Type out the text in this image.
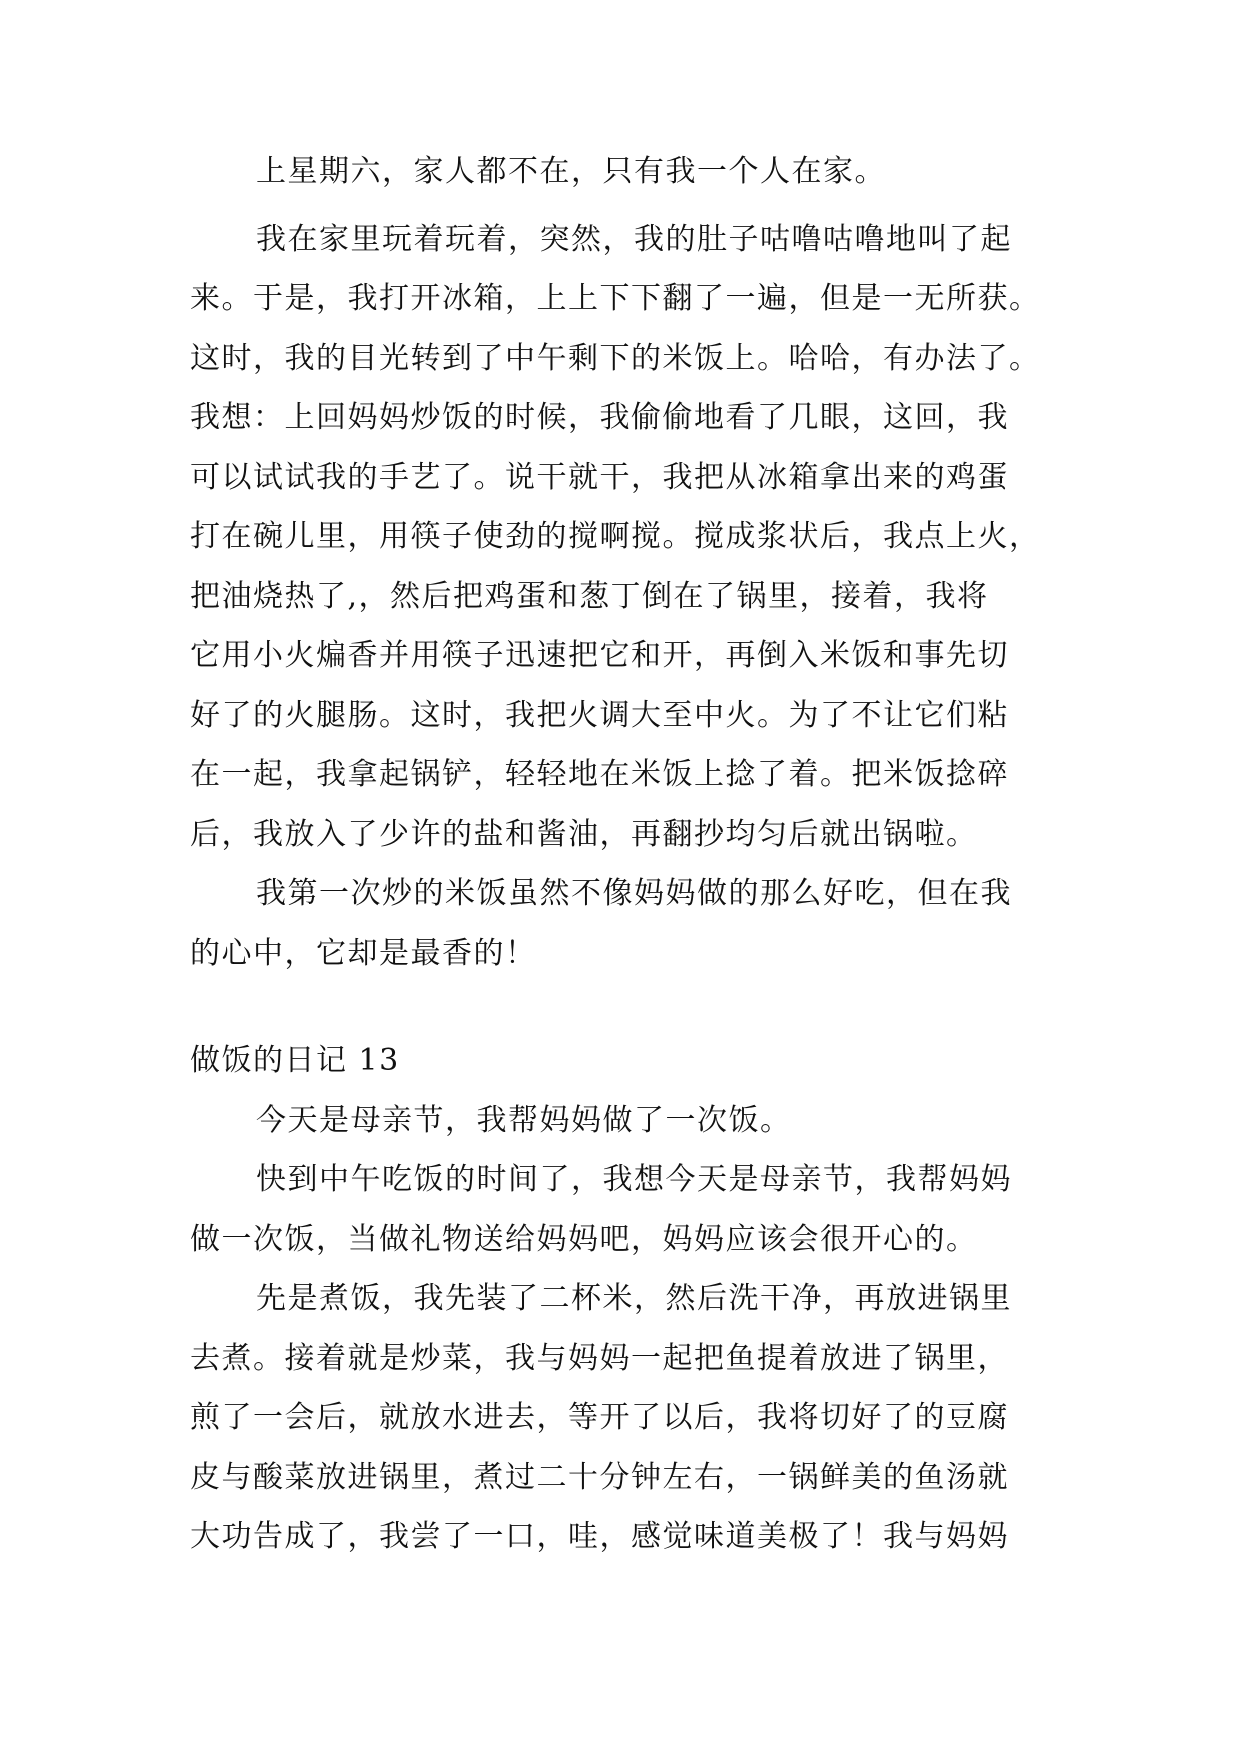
上星期六，家人都不在，只有我一个人在家。
我在家里玩着玩着，突然，我的肚子咕噜咕噜地叫了起
来。于是，我打开冰箱，上上下下翻了一遍，但是一无所获。
这时，我的目光转到了中午剩下的米饭上。哈哈，有办法了。
我想：上回妈妈炒饭的时候，我偷偷地看了几眼，这回，我
可以试试我的手艺了。说干就干，我把从冰箱拿出来的鸡蛋
打在碗儿里，用筷子使劲的搅啊搅。搅成浆状后，我点上火，
把油烧热了,，然后把鸡蛋和葱丁倒在了锅里，接着，我将
它用小火煸香并用筷子迅速把它和开，再倒入米饭和事先切
好了的火腿肠。这时，我把火调大至中火。为了不让它们粘
在一起，我拿起锅铲，轻轻地在米饭上捻了着。把米饭捻碎
后，我放入了少许的盐和酱油，再翻抄均匀后就出锅啦。
我第一次炒的米饭虽然不像妈妈做的那么好吃，但在我
的心中，它却是最香的！
做饭的日记 13
今天是母亲节，我帮妈妈做了一次饭。
快到中午吃饭的时间了，我想今天是母亲节，我帮妈妈
做一次饭，当做礼物送给妈妈吧，妈妈应该会很开心的。
先是煮饭，我先装了二杯米，然后洗干净，再放进锅里
去煮。接着就是炒菜，我与妈妈一起把鱼提着放进了锅里，
煎了一会后，就放水进去，等开了以后，我将切好了的豆腐
皮与酸菜放进锅里，煮过二十分钟左右，一锅鲜美的鱼汤就
大功告成了，我尝了一口，哇，感觉味道美极了！我与妈妈
